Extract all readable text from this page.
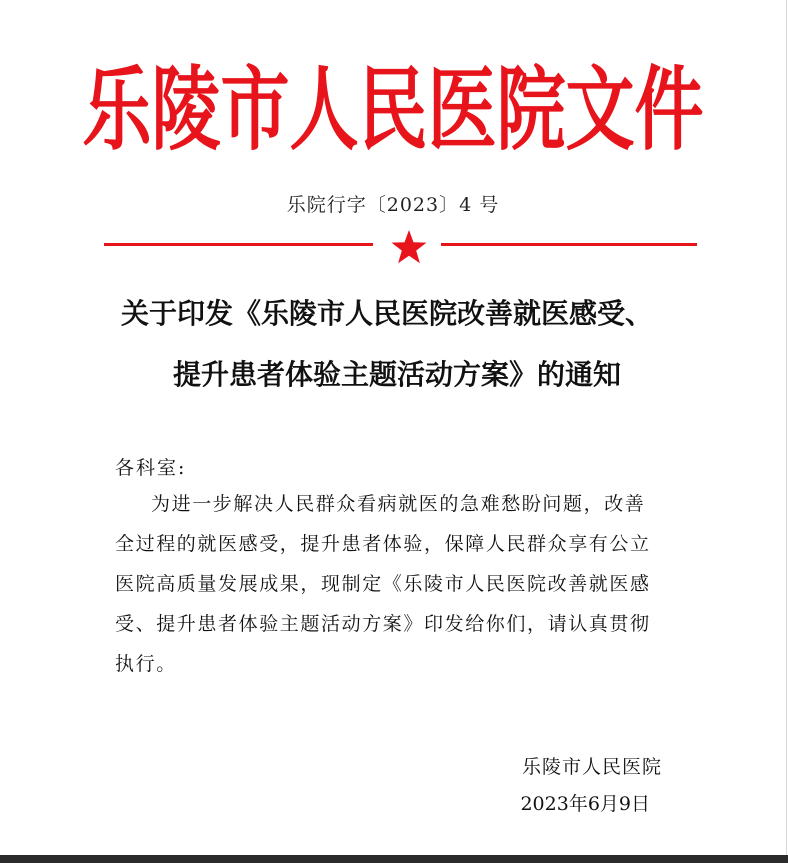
乐陵市人民医院文件
乐院行字〔2023〕4 号
关于印发《乐陵市人民医院改善就医感受、
提升患者体验主题活动方案》的通知
各科室:
为进一步解决人民群众看病就医的急难愁盼问题，改善
全过程的就医感受，提升患者体验，保障人民群众享有公立
医院高质量发展成果，现制定《乐陵市人民医院改善就医感
受、提升患者体验主题活动方案》印发给你们，请认真贯彻
执行。
乐陵市人民医院
2023年6月9日
